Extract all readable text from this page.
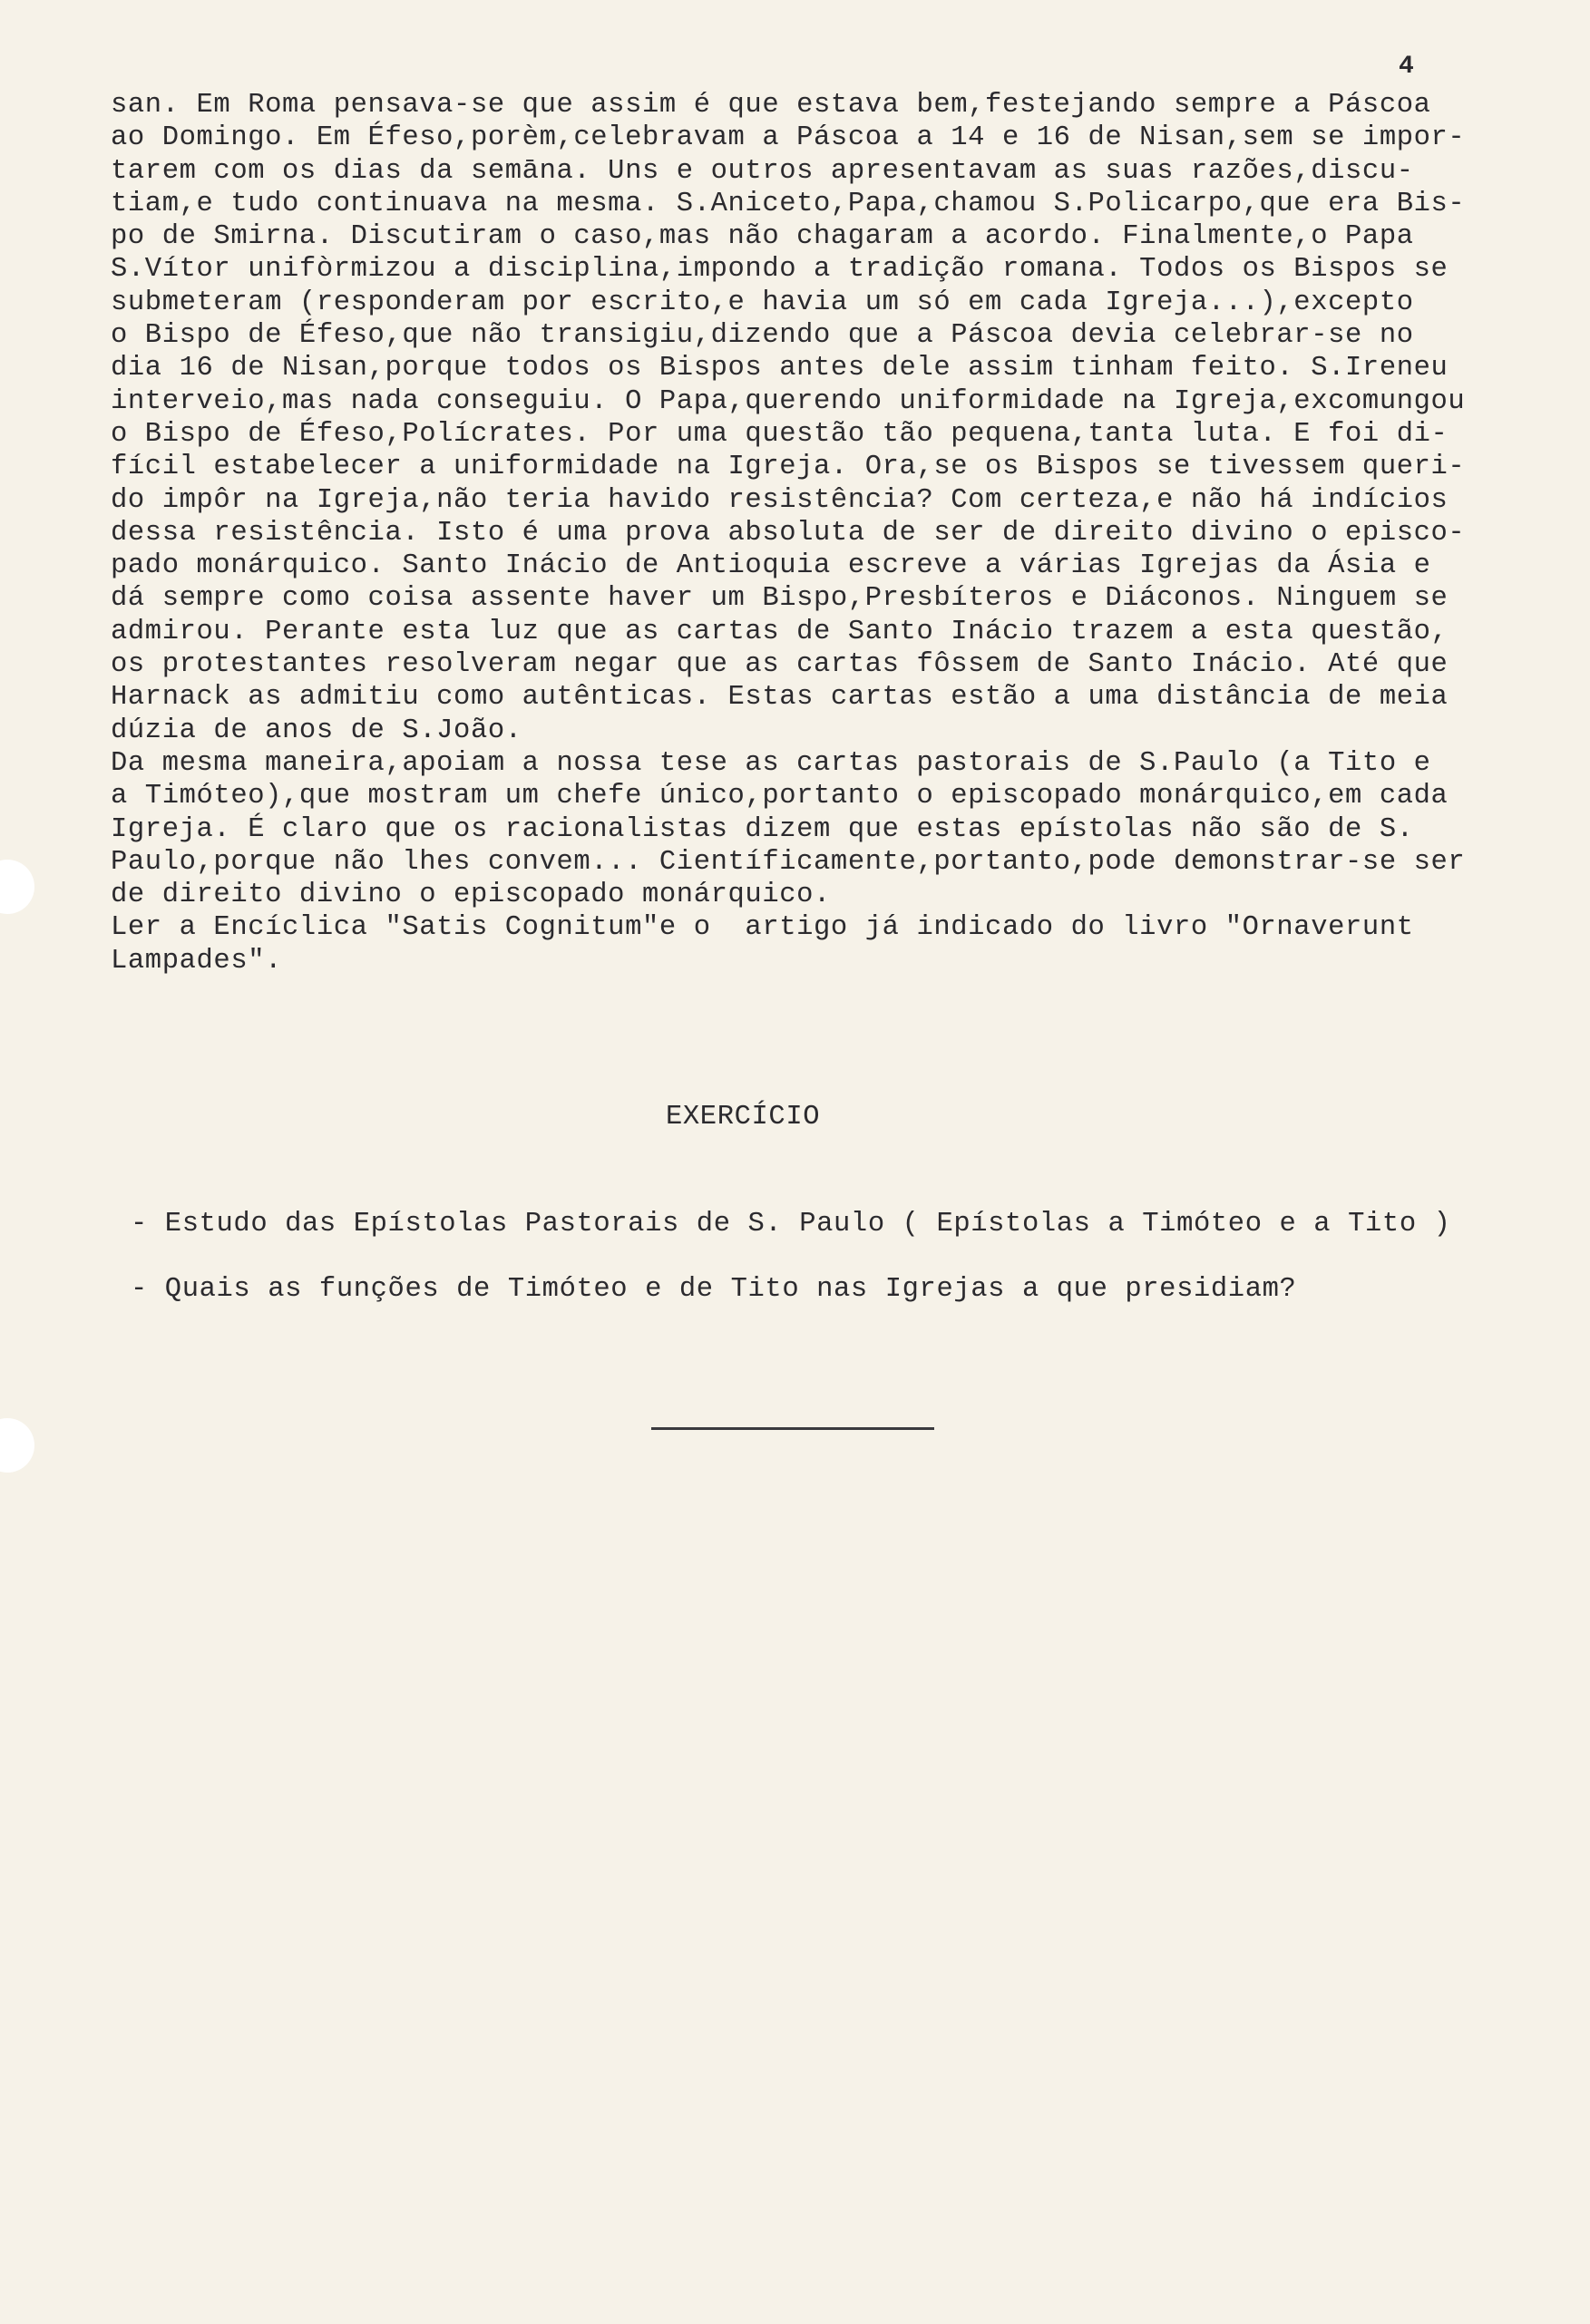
4
san. Em Roma pensava-se que assim é que estava bem,festejando sempre a Páscoa
ao Domingo. Em Éfeso,porèm,celebravam a Páscoa a 14 e 16 de Nisan,sem se impor-
tarem com os dias da semāna. Uns e outros apresentavam as suas razões,discu-
tiam,e tudo continuava na mesma. S.Aniceto,Papa,chamou S.Policarpo,que era Bis-
po de Smirna. Discutiram o caso,mas não chagaram a acordo. Finalmente,o Papa
S.Vítor unifòrmizou a disciplina,impondo a tradição romana. Todos os Bispos se
submeteram (responderam por escrito,e havia um só em cada Igreja...),excepto
o Bispo de Éfeso,que não transigiu,dizendo que a Páscoa devia celebrar-se no
dia 16 de Nisan,porque todos os Bispos antes dele assim tinham feito. S.Ireneu
interveio,mas nada conseguiu. O Papa,querendo uniformidade na Igreja,excomungou
o Bispo de Éfeso,Polícrates. Por uma questão tão pequena,tanta luta. E foi di-
fícil estabelecer a uniformidade na Igreja. Ora,se os Bispos se tivessem queri-
do impôr na Igreja,não teria havido resistência? Com certeza,e não há indícios
dessa resistência. Isto é uma prova absoluta de ser de direito divino o episco-
pado monárquico. Santo Inácio de Antioquia escreve a várias Igrejas da Ásia e
dá sempre como coisa assente haver um Bispo,Presbíteros e Diáconos. Ninguem se
admirou. Perante esta luz que as cartas de Santo Inácio trazem a esta questão,
os protestantes resolveram negar que as cartas fôssem de Santo Inácio. Até que
Harnack as admitiu como autênticas. Estas cartas estão a uma distância de meia
dúzia de anos de S.João.
Da mesma maneira,apoiam a nossa tese as cartas pastorais de S.Paulo (a Tito e
a Timóteo),que mostram um chefe único,portanto o episcopado monárquico,em cada
Igreja. É claro que os racionalistas dizem que estas epístolas não são de S.
Paulo,porque não lhes convem... Científicamente,portanto,pode demonstrar-se ser
de direito divino o episcopado monárquico.
Ler a Encíclica "Satis Cognitum"e o  artigo já indicado do livro "Ornaverunt
Lampades".
EXERCÍCIO
- Estudo das Epístolas Pastorais de S. Paulo ( Epístolas a Timóteo e a Tito )
- Quais as funções de Timóteo e de Tito nas Igrejas a que presidiam?
